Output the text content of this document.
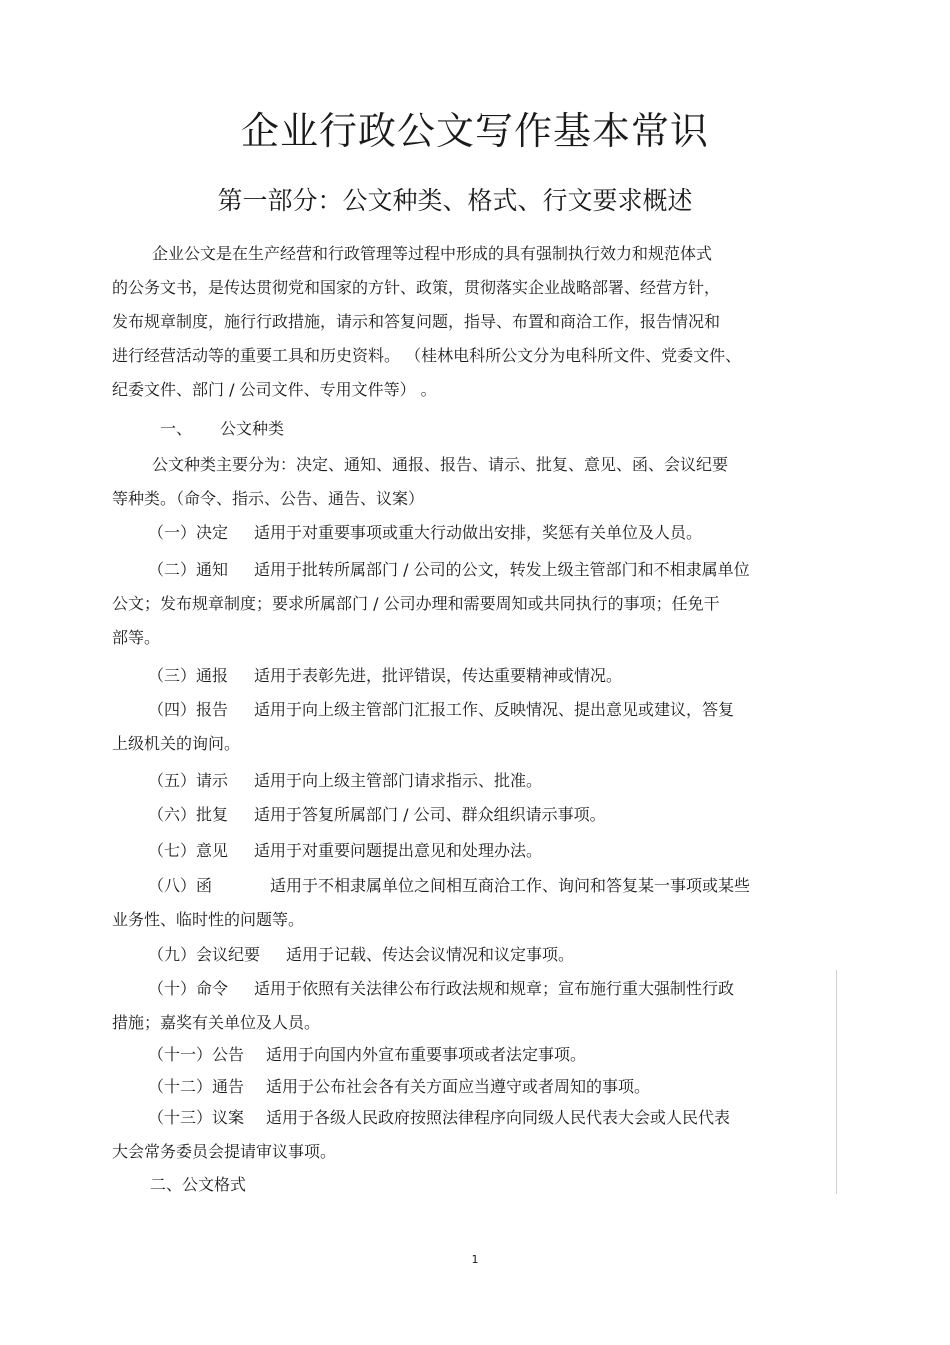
企业行政公文写作基本常识
第一部分：公文种类、格式、行文要求概述
企业公文是在生产经营和行政管理等过程中形成的具有强制执行效力和规范体式
的公务文书，是传达贯彻党和国家的方针、政策，贯彻落实企业战略部署、经营方针，
发布规章制度，施行行政措施，请示和答复问题，指导、布置和商洽工作，报告情况和
进行经营活动等的重要工具和历史资料。 （桂林电科所公文分为电科所文件、党委文件、
纪委文件、部门 / 公司文件、专用文件等） 。
一、 公文种类
公文种类主要分为：决定、通知、通报、报告、请示、批复、意见、函、会议纪要
等种类。（命令、指示、公告、通告、议案）
（一）决定 适用于对重要事项或重大行动做出安排，奖惩有关单位及人员。
（二）通知 适用于批转所属部门 / 公司的公文，转发上级主管部门和不相隶属单位
公文；发布规章制度；要求所属部门 / 公司办理和需要周知或共同执行的事项；任免干
部等。
（三）通报 适用于表彰先进，批评错误，传达重要精神或情况。
（四）报告 适用于向上级主管部门汇报工作、反映情况、提出意见或建议，答复
上级机关的询问。
（五）请示 适用于向上级主管部门请求指示、批准。
（六）批复 适用于答复所属部门 / 公司、群众组织请示事项。
（七）意见 适用于对重要问题提出意见和处理办法。
（八）函	适用于不相隶属单位之间相互商洽工作、询问和答复某一事项或某些
业务性、临时性的问题等。
（九）会议纪要 适用于记载、传达会议情况和议定事项。
（十）命令 适用于依照有关法律公布行政法规和规章；宣布施行重大强制性行政
措施；嘉奖有关单位及人员。
（十一）公告 适用于向国内外宣布重要事项或者法定事项。
（十二）通告 适用于公布社会各有关方面应当遵守或者周知的事项。
（十三）议案 适用于各级人民政府按照法律程序向同级人民代表大会或人民代表
大会常务委员会提请审议事项。
二、公文格式
1
